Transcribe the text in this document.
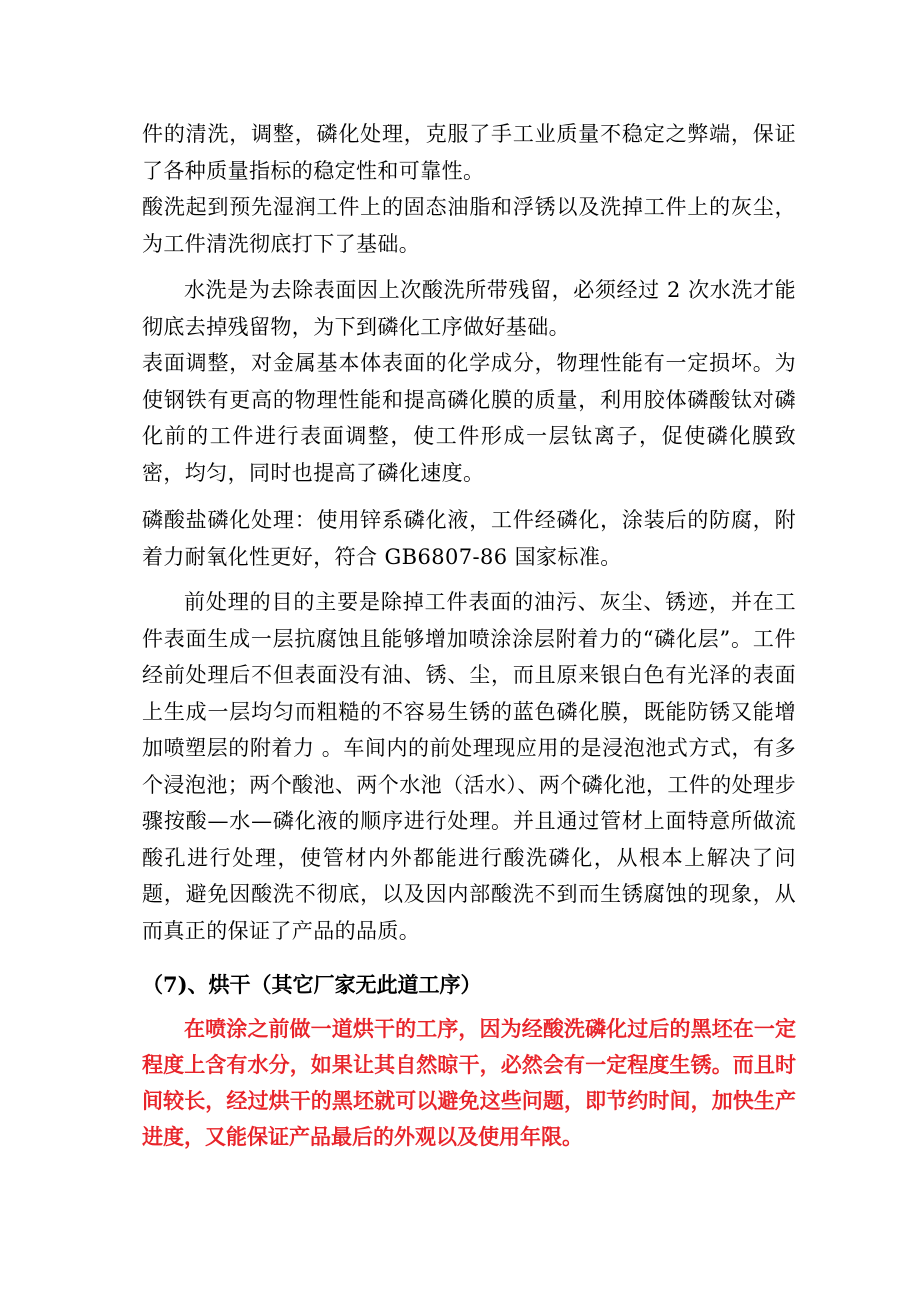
件的清洗，调整，磷化处理，克服了手工业质量不稳定之弊端，保证了各种质量指标的稳定性和可靠性。

酸洗起到预先湿润工件上的固态油脂和浮锈以及洗掉工件上的灰尘，为工件清洗彻底打下了基础。

水洗是为去除表面因上次酸洗所带残留，必须经过 2 次水洗才能彻底去掉残留物，为下到磷化工序做好基础。

表面调整，对金属基本体表面的化学成分，物理性能有一定损坏。为使钢铁有更高的物理性能和提高磷化膜的质量，利用胶体磷酸钛对磷化前的工件进行表面调整，使工件形成一层钛离子，促使磷化膜致密，均匀，同时也提高了磷化速度。

磷酸盐磷化处理：使用锌系磷化液，工件经磷化，涂装后的防腐，附着力耐氧化性更好，符合 GB6807-86 国家标准。

前处理的目的主要是除掉工件表面的油污、灰尘、锈迹，并在工件表面生成一层抗腐蚀且能够增加喷涂涂层附着力的“磷化层”。工件经前处理后不但表面没有油、锈、尘，而且原来银白色有光泽的表面上生成一层均匀而粗糙的不容易生锈的蓝色磷化膜，既能防锈又能增加喷塑层的附着力 。车间内的前处理现应用的是浸泡池式方式，有多个浸泡池；两个酸池、两个水池（活水）、两个磷化池，工件的处理步骤按酸—水—磷化液的顺序进行处理。并且通过管材上面特意所做流酸孔进行处理，使管材内外都能进行酸洗磷化，从根本上解决了问题，避免因酸洗不彻底，以及因内部酸洗不到而生锈腐蚀的现象，从而真正的保证了产品的品质。

（7)、烘干（其它厂家无此道工序）

在喷涂之前做一道烘干的工序，因为经酸洗磷化过后的黑坯在一定程度上含有水分，如果让其自然晾干，必然会有一定程度生锈。而且时间较长，经过烘干的黑坯就可以避免这些问题，即节约时间，加快生产进度，又能保证产品最后的外观以及使用年限。
